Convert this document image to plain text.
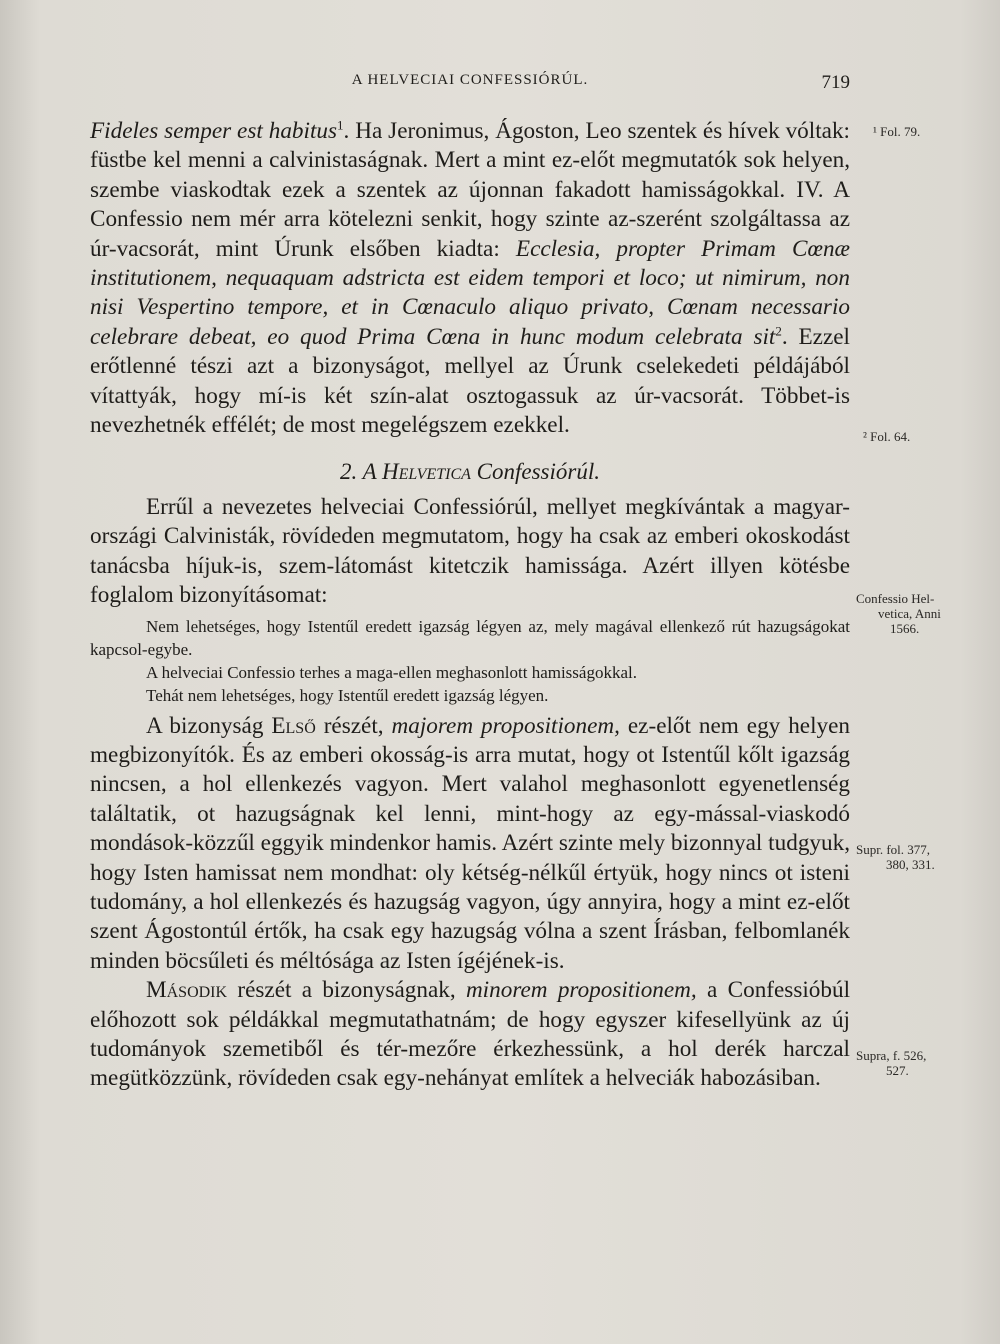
A HELVECIAI CONFESSIÓRÚL.	719

Fideles semper est habitus$^1$. Ha Jeronimus, Ágoston, Leo szentek és hívek vóltak: füstbe kel menni a calvinistaságnak. Mert a mint ez-előt megmutatók sok helyen, szembe viaskodtak ezek a szentek az újonnan fakadott hamisságokkal. IV. A Confessio nem mér arra kötelezni senkit, hogy szinte az-szerént szolgáltassa az úr-vacsorát, mint Úrunk elsőben kiadta: Ecclesia, propter Primam Cœnæ institutionem, nequaquam adstricta est eidem tempori et loco; ut nimirum, non nisi Vespertino tempore, et in Cœnaculo aliquo privato, Cœnam necessario celebrare debeat, eo quod Prima Cœna in hunc modum celebrata sit$^2$. Ezzel erőtlenné tészi azt a bizonyságot, mellyel az Úrunk cselekedeti példájából vítattyák, hogy mí-is két szín-alat osztogassuk az úr-vacsorát. Többet-is nevezhetnék effélét; de most megelégszem ezekkel.

2. A Helvetica Confessiórúl.

Errűl a nevezetes helveciai Confessiórúl, mellyet megkívántak a magyar-országi Calvinisták, rövídeden megmutatom, hogy ha csak az emberi okoskodást tanácsba híjuk-is, szem-látomást kitetczik hamissága. Azért illyen kötésbe foglalom bizonyításomat:

Nem lehetséges, hogy Istentűl eredett igazság légyen az, mely magával ellenkező rút hazugságokat kapcsol-egybe.

A helveciai Confessio terhes a maga-ellen meghasonlott hamisságokkal.

Tehát nem lehetséges, hogy Istentűl eredett igazság légyen.

A bizonyság Első részét, majorem propositionem, ez-előt nem egy helyen megbizonyítók. És az emberi okosság-is arra mutat, hogy ot Istentűl kőlt igazság nincsen, a hol ellenkezés vagyon. Mert valahol meghasonlott egyenetlenség találtatik, ot hazugságnak kel lenni, mint-hogy az egy-mással-viaskodó mondások-közzűl eggyik mindenkor hamis. Azért szinte mely bizonnyal tudgyuk, hogy Isten hamissat nem mondhat: oly kétség-nélkűl értyük, hogy nincs ot isteni tudomány, a hol ellenkezés és hazugság vagyon, úgy annyira, hogy a mint ez-előt szent Ágostontúl értők, ha csak egy hazugság vólna a szent Írásban, felbomlanék minden böcsűleti és méltósága az Isten ígéjének-is.

Második részét a bizonyságnak, minorem propositionem, a Confessióbúl előhozott sok példákkal megmutathatnám; de hogy egyszer kifesellyünk az új tudományok szemetiből és tér-mezőre érkezhessünk, a hol derék harczal megütközzünk, rövídeden csak egy-nehányat említek a helveciák habozásiban.

¹ Fol. 79.
² Fol. 64.
Confessio Hel-
vetica, Anni
1566.
Supr. fol. 377,
380, 331.
Supra, f. 526,
527.
